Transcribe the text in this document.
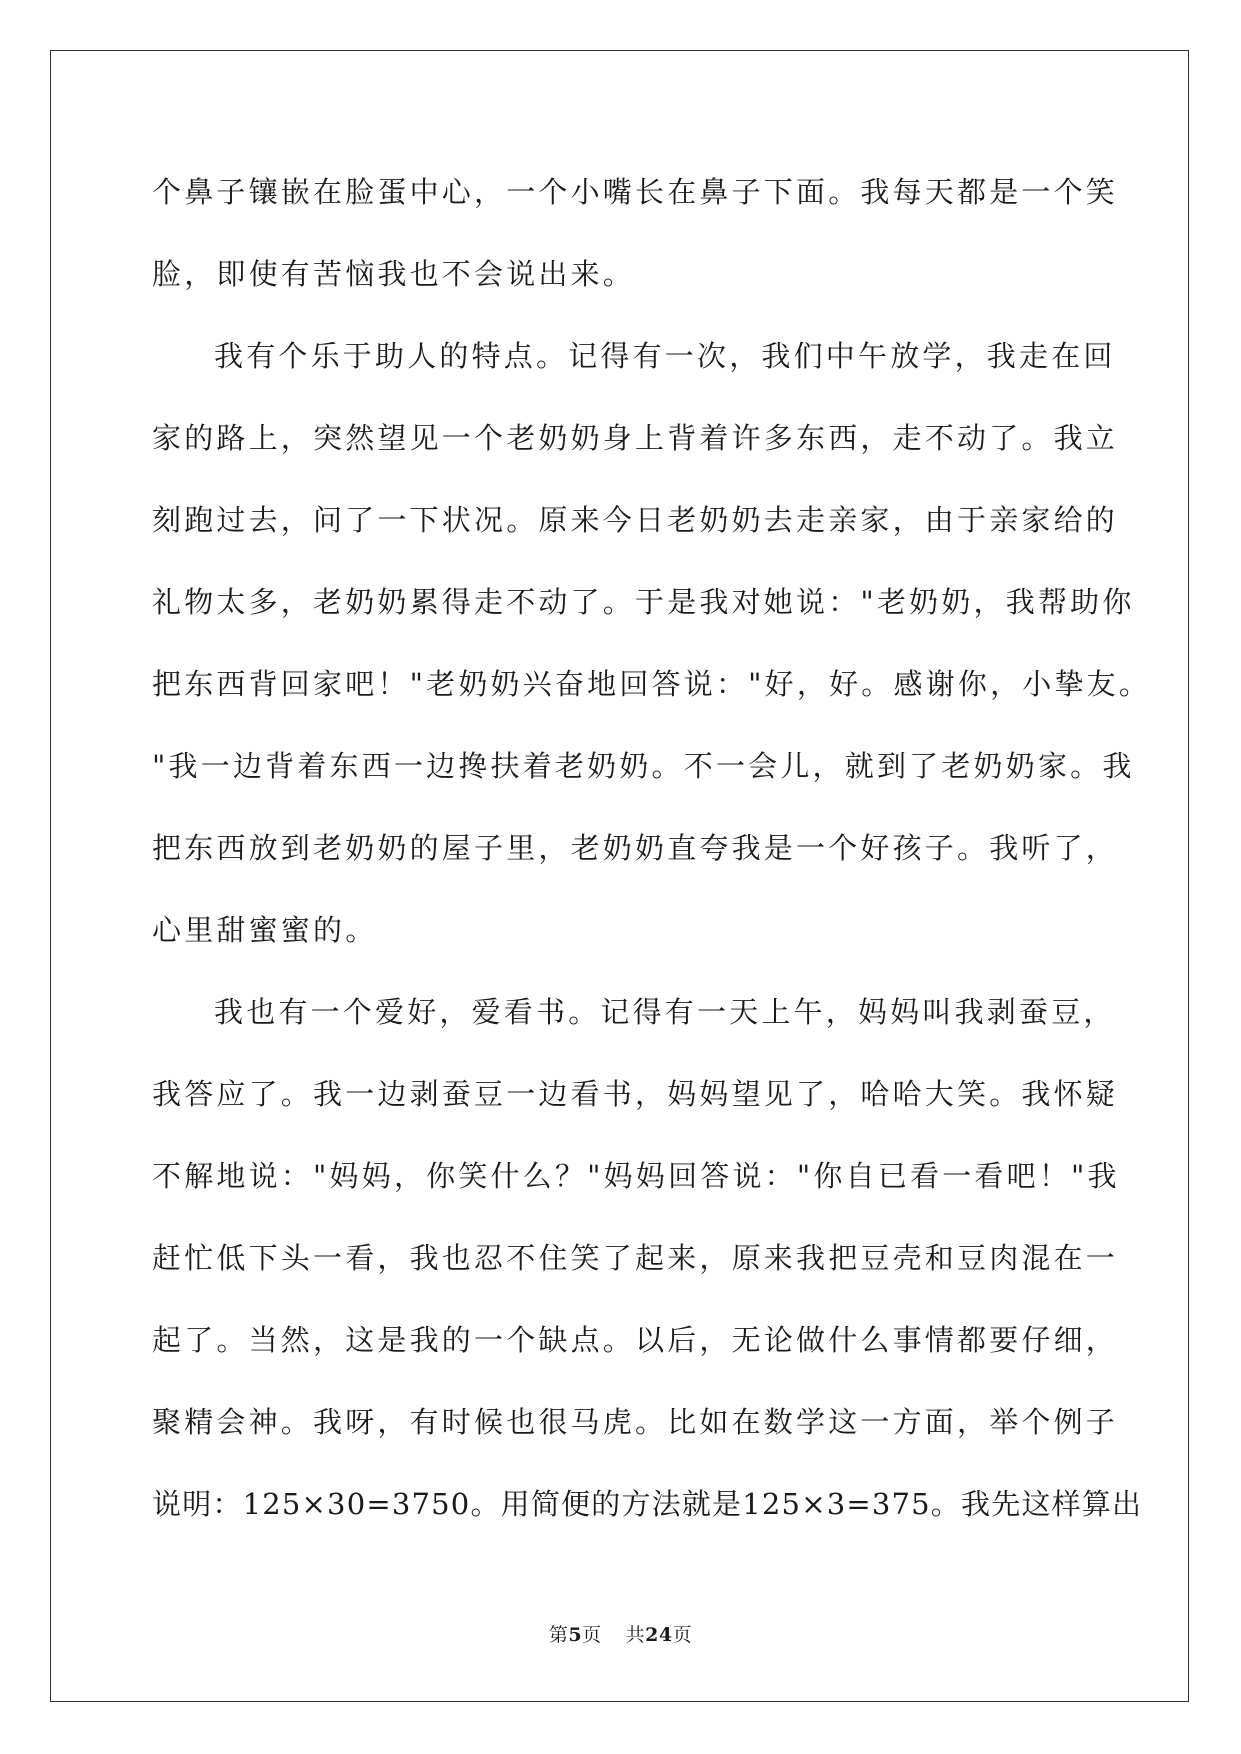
个鼻子镶嵌在脸蛋中心，一个小嘴长在鼻子下面。我每天都是一个笑
脸，即使有苦恼我也不会说出来。
我有个乐于助人的特点。记得有一次，我们中午放学，我走在回
家的路上，突然望见一个老奶奶身上背着许多东西，走不动了。我立
刻跑过去，问了一下状况。原来今日老奶奶去走亲家，由于亲家给的
礼物太多，老奶奶累得走不动了。于是我对她说："老奶奶，我帮助你
把东西背回家吧！"老奶奶兴奋地回答说："好，好。感谢你，小挚友。
"我一边背着东西一边搀扶着老奶奶。不一会儿，就到了老奶奶家。我
把东西放到老奶奶的屋子里，老奶奶直夸我是一个好孩子。我听了，
心里甜蜜蜜的。
我也有一个爱好，爱看书。记得有一天上午，妈妈叫我剥蚕豆，
我答应了。我一边剥蚕豆一边看书，妈妈望见了，哈哈大笑。我怀疑
不解地说："妈妈，你笑什么？"妈妈回答说："你自已看一看吧！"我
赶忙低下头一看，我也忍不住笑了起来，原来我把豆壳和豆肉混在一
起了。当然，这是我的一个缺点。以后，无论做什么事情都要仔细，
聚精会神。我呀，有时候也很马虎。比如在数学这一方面，举个例子
说明：125×30=3750。用简便的方法就是125×3=375。我先这样算出
第5页 共24页
